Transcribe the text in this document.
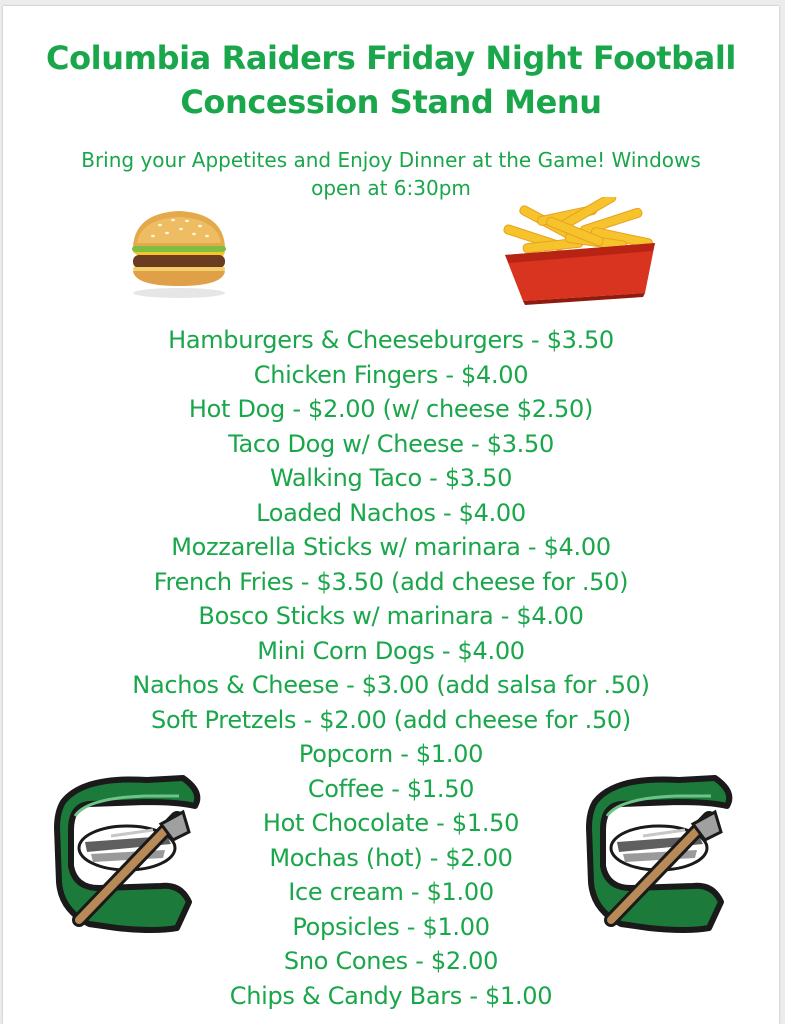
Columbia Raiders Friday Night Football
Concession Stand Menu
Bring your Appetites and Enjoy Dinner at the Game! Windows
open at 6:30pm
Hamburgers & Cheeseburgers - $3.50
Chicken Fingers - $4.00
Hot Dog - $2.00 (w/ cheese $2.50)
Taco Dog w/ Cheese - $3.50
Walking Taco - $3.50
Loaded Nachos - $4.00
Mozzarella Sticks w/ marinara - $4.00
French Fries - $3.50 (add cheese for .50)
Bosco Sticks w/ marinara - $4.00
Mini Corn Dogs - $4.00
Nachos & Cheese - $3.00 (add salsa for .50)
Soft Pretzels - $2.00 (add cheese for .50)
Popcorn - $1.00
Coffee - $1.50
Hot Chocolate - $1.50
Mochas (hot) - $2.00
Ice cream - $1.00
Popsicles - $1.00
Sno Cones - $2.00
Chips & Candy Bars - $1.00
